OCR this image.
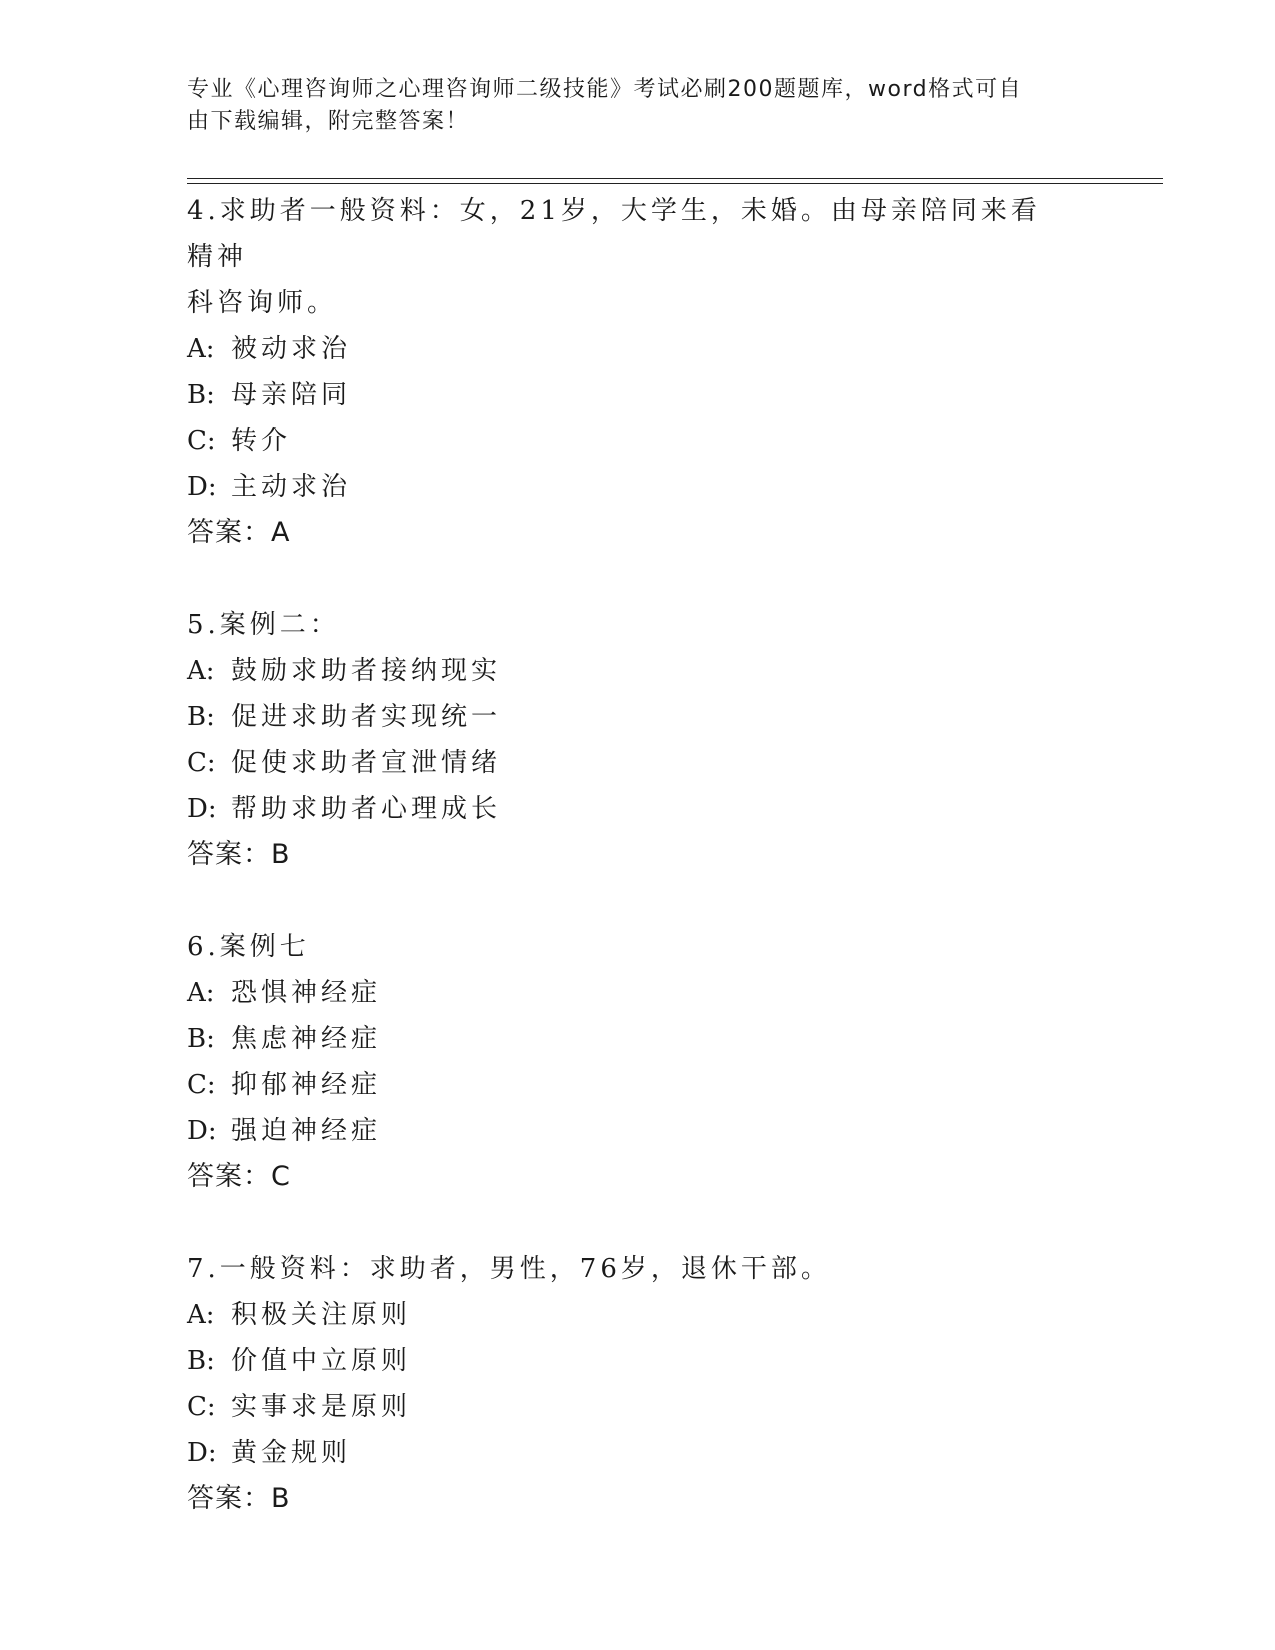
专业《心理咨询师之心理咨询师二级技能》考试必刷200题题库，word格式可自
由下载编辑，附完整答案！
4.求助者一般资料：女，21岁，大学生，未婚。由母亲陪同来看精神
科咨询师。
A: 被动求治
B: 母亲陪同
C: 转介
D: 主动求治
答案：A
5.案例二：
A: 鼓励求助者接纳现实
B: 促进求助者实现统一
C: 促使求助者宣泄情绪
D: 帮助求助者心理成长
答案：B
6.案例七
A: 恐惧神经症
B: 焦虑神经症
C: 抑郁神经症
D: 强迫神经症
答案：C
7.一般资料：求助者，男性，76岁，退休干部。
A: 积极关注原则
B: 价值中立原则
C: 实事求是原则
D: 黄金规则
答案：B
